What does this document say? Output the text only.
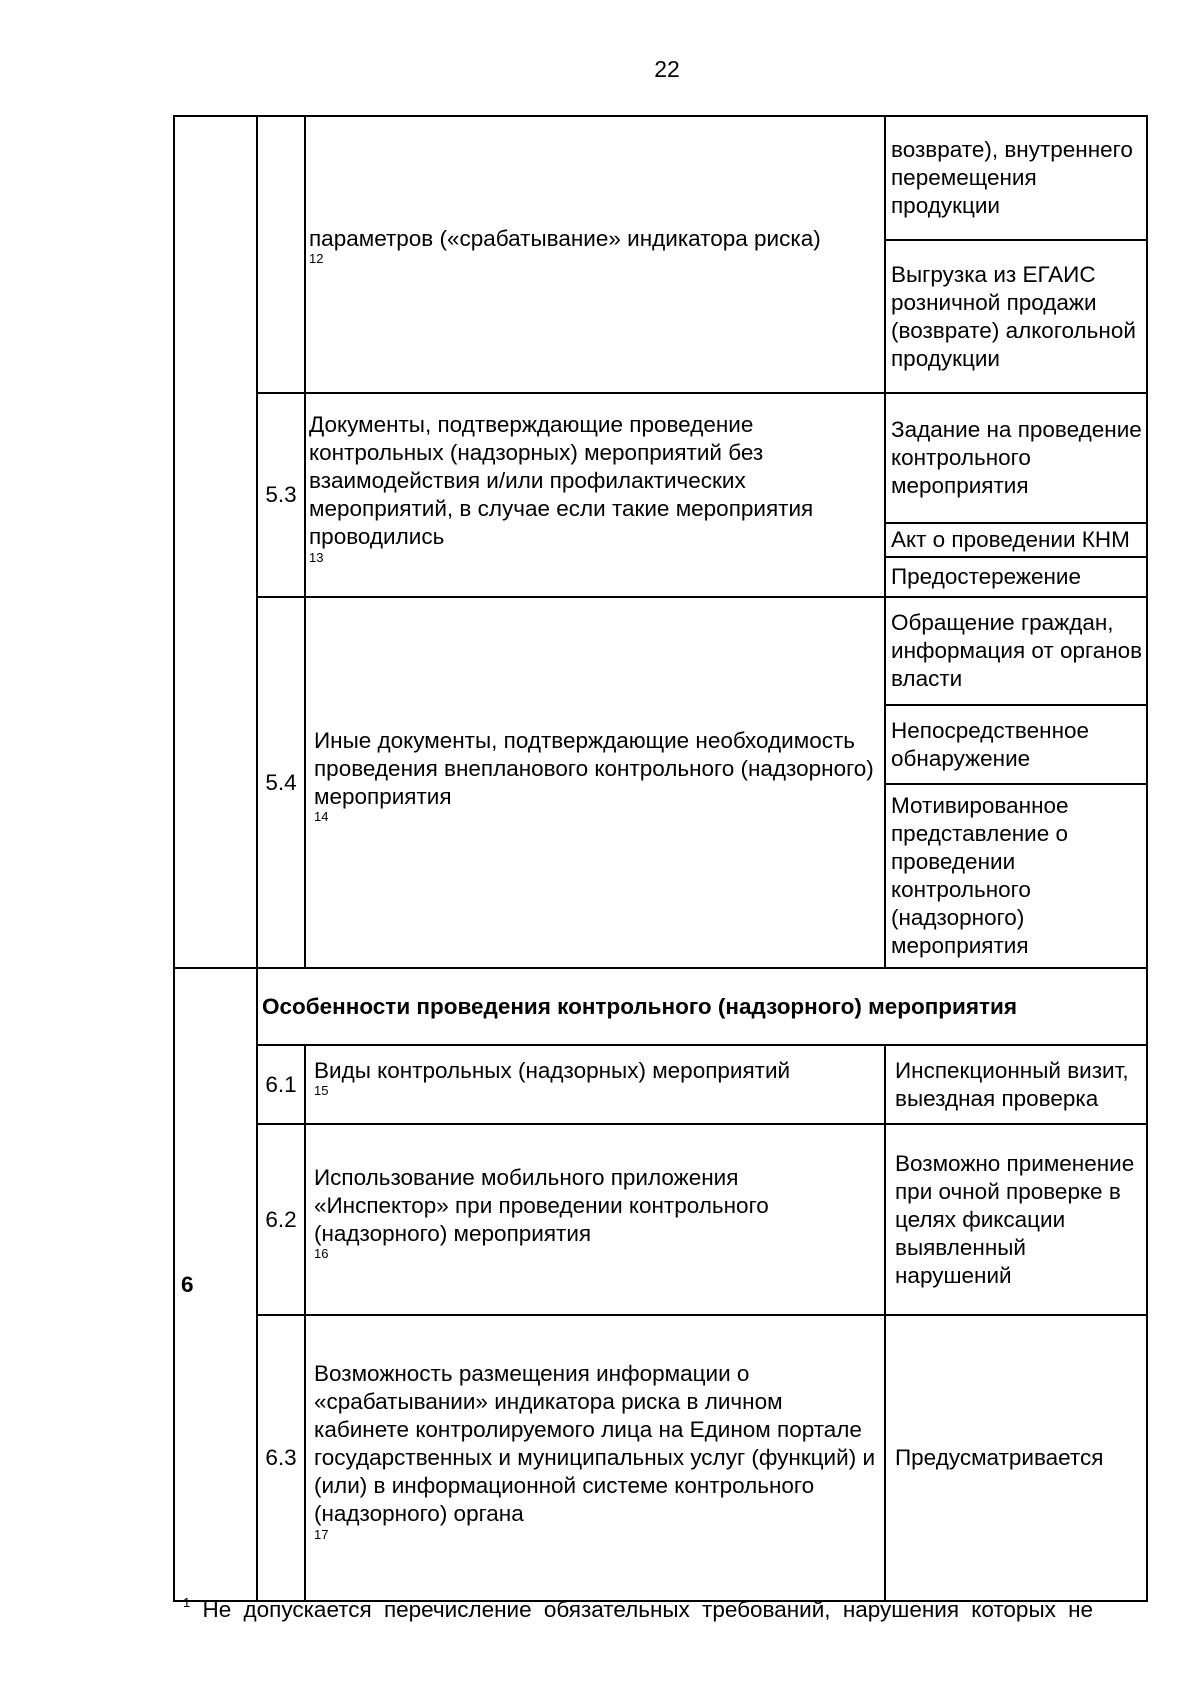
22
параметров («срабатывание» индикатора риска)
$^{12}$
возврате), внутреннего перемещения продукции
Выгрузка из ЕГАИС розничной продажи (возврате) алкогольной продукции
5.3
Документы, подтверждающие проведение контрольных (надзорных) мероприятий без взаимодействия и/или профилактических мероприятий, в случае если такие мероприятия проводились
$^{13}$
Задание на проведение контрольного мероприятия
Акт о проведении КНМ
Предостережение
5.4
Иные документы, подтверждающие необходимость проведения внепланового контрольного (надзорного) мероприятия
$^{14}$
Обращение граждан, информация от органов власти
Непосредственное обнаружение
Мотивированное представление о проведении контрольного (надзорного) мероприятия
6
Особенности проведения контрольного (надзорного) мероприятия
6.1
Виды контрольных (надзорных) мероприятий
$^{15}$
Инспекционный визит, выездная проверка
6.2
Использование мобильного приложения «Инспектор» при проведении контрольного (надзорного) мероприятия
$^{16}$
Возможно применение при очной проверке в целях фиксации выявленный нарушений
6.3
Возможность размещения информации о «срабатывании» индикатора риска в личном кабинете контролируемого лица на Едином портале государственных и муниципальных услуг (функций) и (или) в информационной системе контрольного (надзорного) органа
$^{17}$
Предусматривается
$^1$ Не допускается перечисление обязательных требований, нарушения которых не
